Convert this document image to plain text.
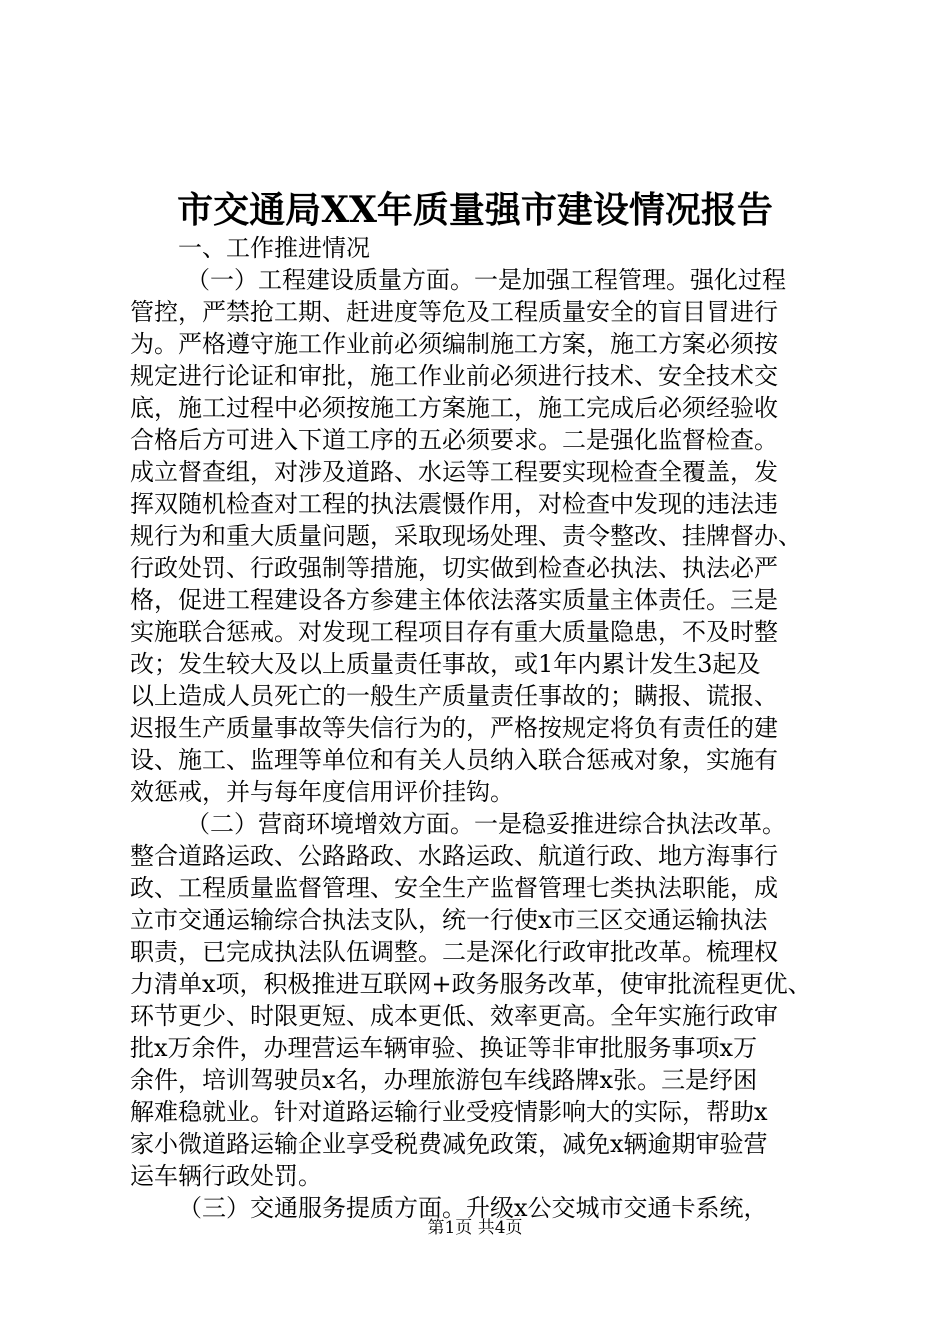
市交通局XX年质量强市建设情况报告
一、工作推进情况
（一）工程建设质量方面。一是加强工程管理。强化过程
管控，严禁抢工期、赶进度等危及工程质量安全的盲目冒进行
为。严格遵守施工作业前必须编制施工方案，施工方案必须按
规定进行论证和审批，施工作业前必须进行技术、安全技术交
底，施工过程中必须按施工方案施工，施工完成后必须经验收
合格后方可进入下道工序的五必须要求。二是强化监督检查。
成立督查组，对涉及道路、水运等工程要实现检查全覆盖，发
挥双随机检查对工程的执法震慑作用，对检查中发现的违法违
规行为和重大质量问题，采取现场处理、责令整改、挂牌督办、
行政处罚、行政强制等措施，切实做到检查必执法、执法必严
格，促进工程建设各方参建主体依法落实质量主体责任。三是
实施联合惩戒。对发现工程项目存有重大质量隐患，不及时整
改；发生较大及以上质量责任事故，或1年内累计发生3起及
以上造成人员死亡的一般生产质量责任事故的；瞒报、谎报、
迟报生产质量事故等失信行为的，严格按规定将负有责任的建
设、施工、监理等单位和有关人员纳入联合惩戒对象，实施有
效惩戒，并与每年度信用评价挂钩。
（二）营商环境增效方面。一是稳妥推进综合执法改革。
整合道路运政、公路路政、水路运政、航道行政、地方海事行
政、工程质量监督管理、安全生产监督管理七类执法职能，成
立市交通运输综合执法支队，统一行使x市三区交通运输执法
职责，已完成执法队伍调整。二是深化行政审批改革。梳理权
力清单x项，积极推进互联网+政务服务改革，使审批流程更优、
环节更少、时限更短、成本更低、效率更高。全年实施行政审
批x万余件，办理营运车辆审验、换证等非审批服务事项x万
余件，培训驾驶员x名，办理旅游包车线路牌x张。三是纾困
解难稳就业。针对道路运输行业受疫情影响大的实际，帮助x
家小微道路运输企业享受税费减免政策，减免x辆逾期审验营
运车辆行政处罚。
（三）交通服务提质方面。升级x公交城市交通卡系统，
第1页 共4页
